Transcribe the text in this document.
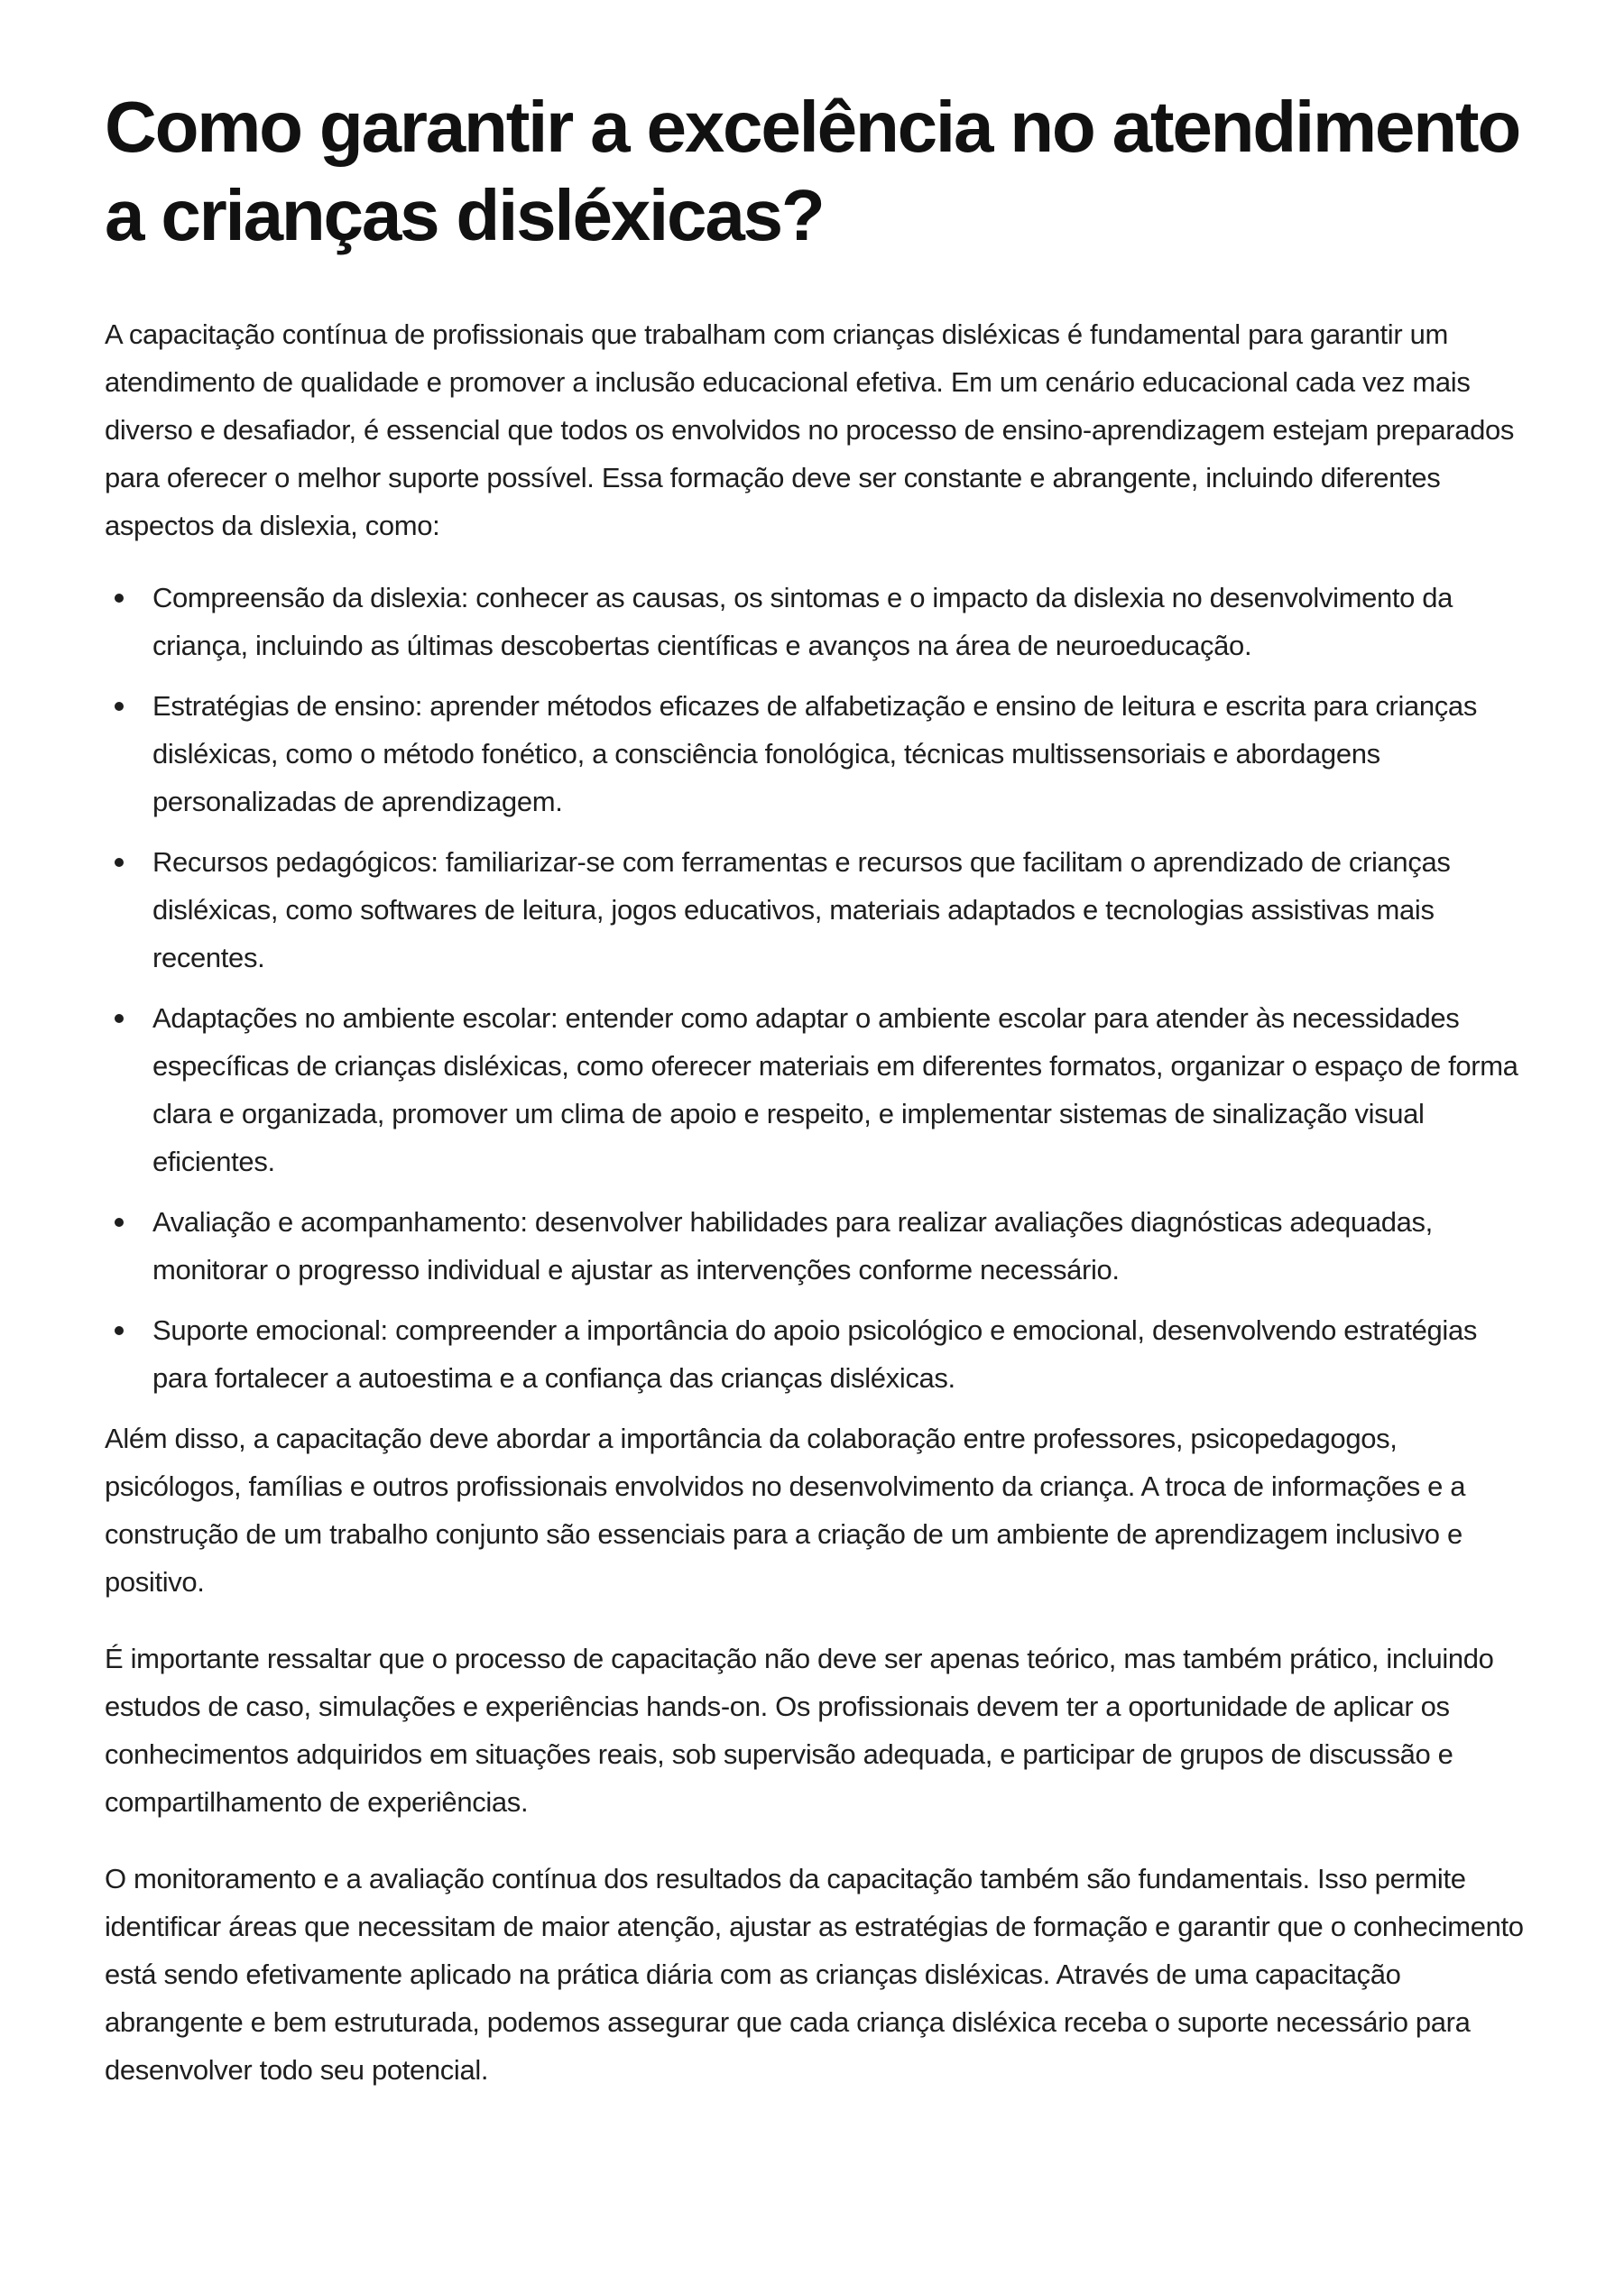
Como garantir a excelência no atendimento a crianças disléxicas?

A capacitação contínua de profissionais que trabalham com crianças disléxicas é fundamental para garantir um atendimento de qualidade e promover a inclusão educacional efetiva. Em um cenário educacional cada vez mais diverso e desafiador, é essencial que todos os envolvidos no processo de ensino-aprendizagem estejam preparados para oferecer o melhor suporte possível. Essa formação deve ser constante e abrangente, incluindo diferentes aspectos da dislexia, como:

Compreensão da dislexia: conhecer as causas, os sintomas e o impacto da dislexia no desenvolvimento da criança, incluindo as últimas descobertas científicas e avanços na área de neuroeducação.
Estratégias de ensino: aprender métodos eficazes de alfabetização e ensino de leitura e escrita para crianças disléxicas, como o método fonético, a consciência fonológica, técnicas multissensoriais e abordagens personalizadas de aprendizagem.
Recursos pedagógicos: familiarizar-se com ferramentas e recursos que facilitam o aprendizado de crianças disléxicas, como softwares de leitura, jogos educativos, materiais adaptados e tecnologias assistivas mais recentes.
Adaptações no ambiente escolar: entender como adaptar o ambiente escolar para atender às necessidades específicas de crianças disléxicas, como oferecer materiais em diferentes formatos, organizar o espaço de forma clara e organizada, promover um clima de apoio e respeito, e implementar sistemas de sinalização visual eficientes.
Avaliação e acompanhamento: desenvolver habilidades para realizar avaliações diagnósticas adequadas, monitorar o progresso individual e ajustar as intervenções conforme necessário.
Suporte emocional: compreender a importância do apoio psicológico e emocional, desenvolvendo estratégias para fortalecer a autoestima e a confiança das crianças disléxicas.

Além disso, a capacitação deve abordar a importância da colaboração entre professores, psicopedagogos, psicólogos, famílias e outros profissionais envolvidos no desenvolvimento da criança. A troca de informações e a construção de um trabalho conjunto são essenciais para a criação de um ambiente de aprendizagem inclusivo e positivo.

É importante ressaltar que o processo de capacitação não deve ser apenas teórico, mas também prático, incluindo estudos de caso, simulações e experiências hands-on. Os profissionais devem ter a oportunidade de aplicar os conhecimentos adquiridos em situações reais, sob supervisão adequada, e participar de grupos de discussão e compartilhamento de experiências.

O monitoramento e a avaliação contínua dos resultados da capacitação também são fundamentais. Isso permite identificar áreas que necessitam de maior atenção, ajustar as estratégias de formação e garantir que o conhecimento está sendo efetivamente aplicado na prática diária com as crianças disléxicas. Através de uma capacitação abrangente e bem estruturada, podemos assegurar que cada criança disléxica receba o suporte necessário para desenvolver todo seu potencial.
